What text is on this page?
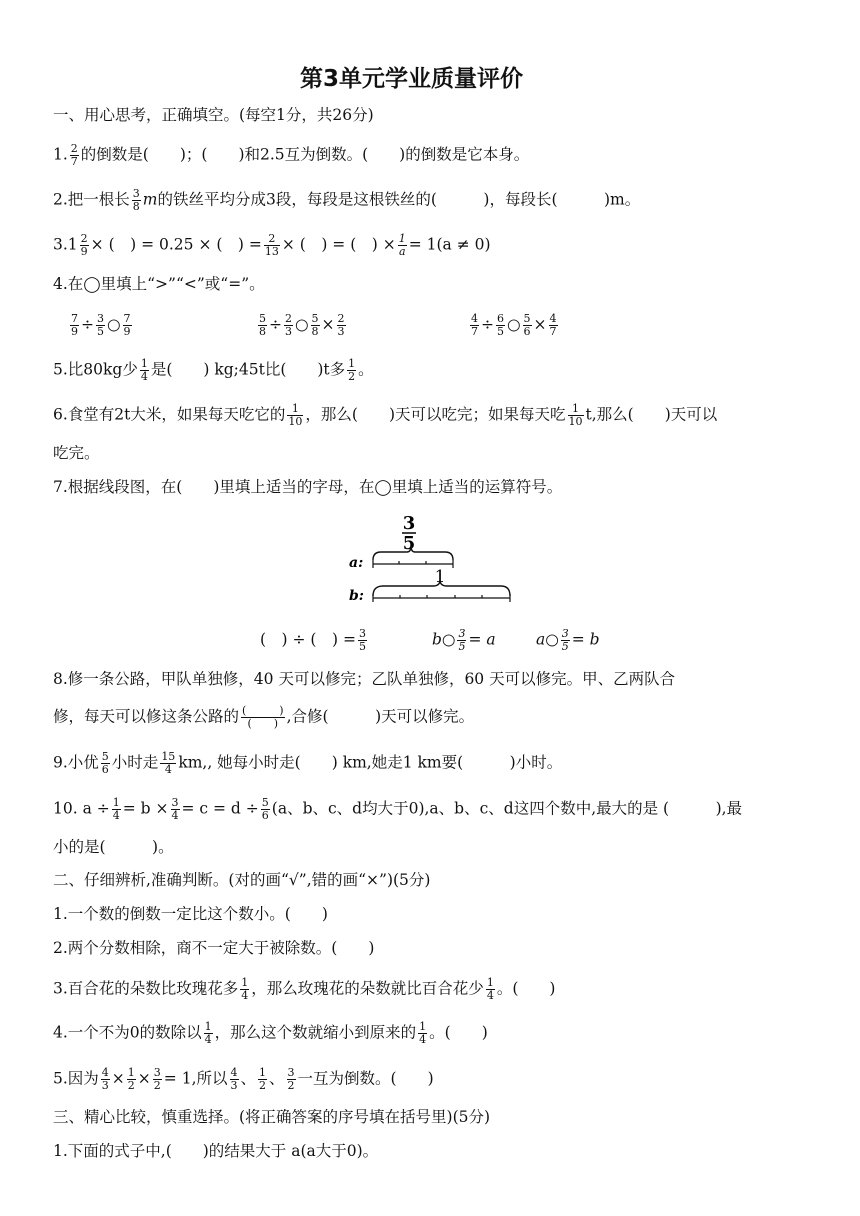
第3单元学业质量评价
一、用心思考，正确填空。(每空1分，共26分)
1. $\frac{2}{7}$ 的倒数是(　　)；(　　)和2.5互为倒数。(　　)的倒数是它本身。
2.把一根长 $\frac{3}{8}$ m的铁丝平均分成3段，每段是这根铁丝的(　　　)，每段长(　　　)m。
$3.1 \frac{2}{9}$ × (　) = 0.25 × (　) = $\frac{2}{13}$ × (　) = (　) × $\frac{1}{a} = 1(a \ne 0)$
4.在◯里填上“>”“<”或“=”。
$\frac{7}{9} \div \frac{3}{5}$ ○ $\frac{7}{9}$	$\frac{5}{8} \div \frac{2}{3}$ ○ $\frac{5}{8} \times \frac{2}{3}$	$\frac{4}{7} \div \frac{6}{5}$ ○ $\frac{5}{6} \times \frac{4}{7}$
5.比80kg少 $\frac{1}{4}$ 是(　　) kg;45t比(　　)t多 $\frac{1}{2}$ 。
6.食堂有2t大米，如果每天吃它的 $\frac{1}{10}$ ，那么(　　)天可以吃完；如果每天吃 $\frac{1}{10} t$,那么(　　)天可以
吃完。
7.根据线段图，在(　　)里填上适当的字母，在◯里填上适当的运算符号。
a:
b:
3
5
1
(　) ÷ (　) = $\frac{3}{5}$	b○ $\frac{3}{5} = a$	a○ $\frac{3}{5} = b$
8.修一条公路，甲队单独修，40 天可以修完；乙队单独修，60 天可以修完。甲、乙两队合
修，每天可以修这条公路的 $\frac{( )}{( )}$ ,合修(　　　)天可以修完。
9.小优 $\frac{5}{6}$ 小时走 $\frac{15}{4}$ km,, 她每小时走(　　) km,她走1 km要(　　　)小时。
10. $a \div \frac{1}{4} = b \times \frac{3}{4} = c = d \div \frac{5}{6} (a$、b、c、d均大于0),a、b、c、d这四个数中,最大的是 (　　　),最
小的是(　　　)。
二、仔细辨析,准确判断。(对的画“√”,错的画“×”)(5分)
1.一个数的倒数一定比这个数小。(　　)
2.两个分数相除，商不一定大于被除数。(　　)
3.百合花的朵数比玫瑰花多 $\frac{1}{4}$ ，那么玫瑰花的朵数就比百合花少 $\frac{1}{4}$ 。(　　)
4.一个不为0的数除以 $\frac{1}{4}$ ，那么这个数就缩小到原来的 $\frac{1}{4}$ 。(　　)
5.因为 $\frac{4}{3} \times \frac{1}{2} \times \frac{3}{2} = 1$,所以 $\frac{4}{3}$ 、 $\frac{1}{2}$ 、 $\frac{3}{2}$ 一互为倒数。(　　)
三、精心比较，慎重选择。(将正确答案的序号填在括号里)(5分)
1.下面的式子中,(　　)的结果大于 a(a大于0)。
